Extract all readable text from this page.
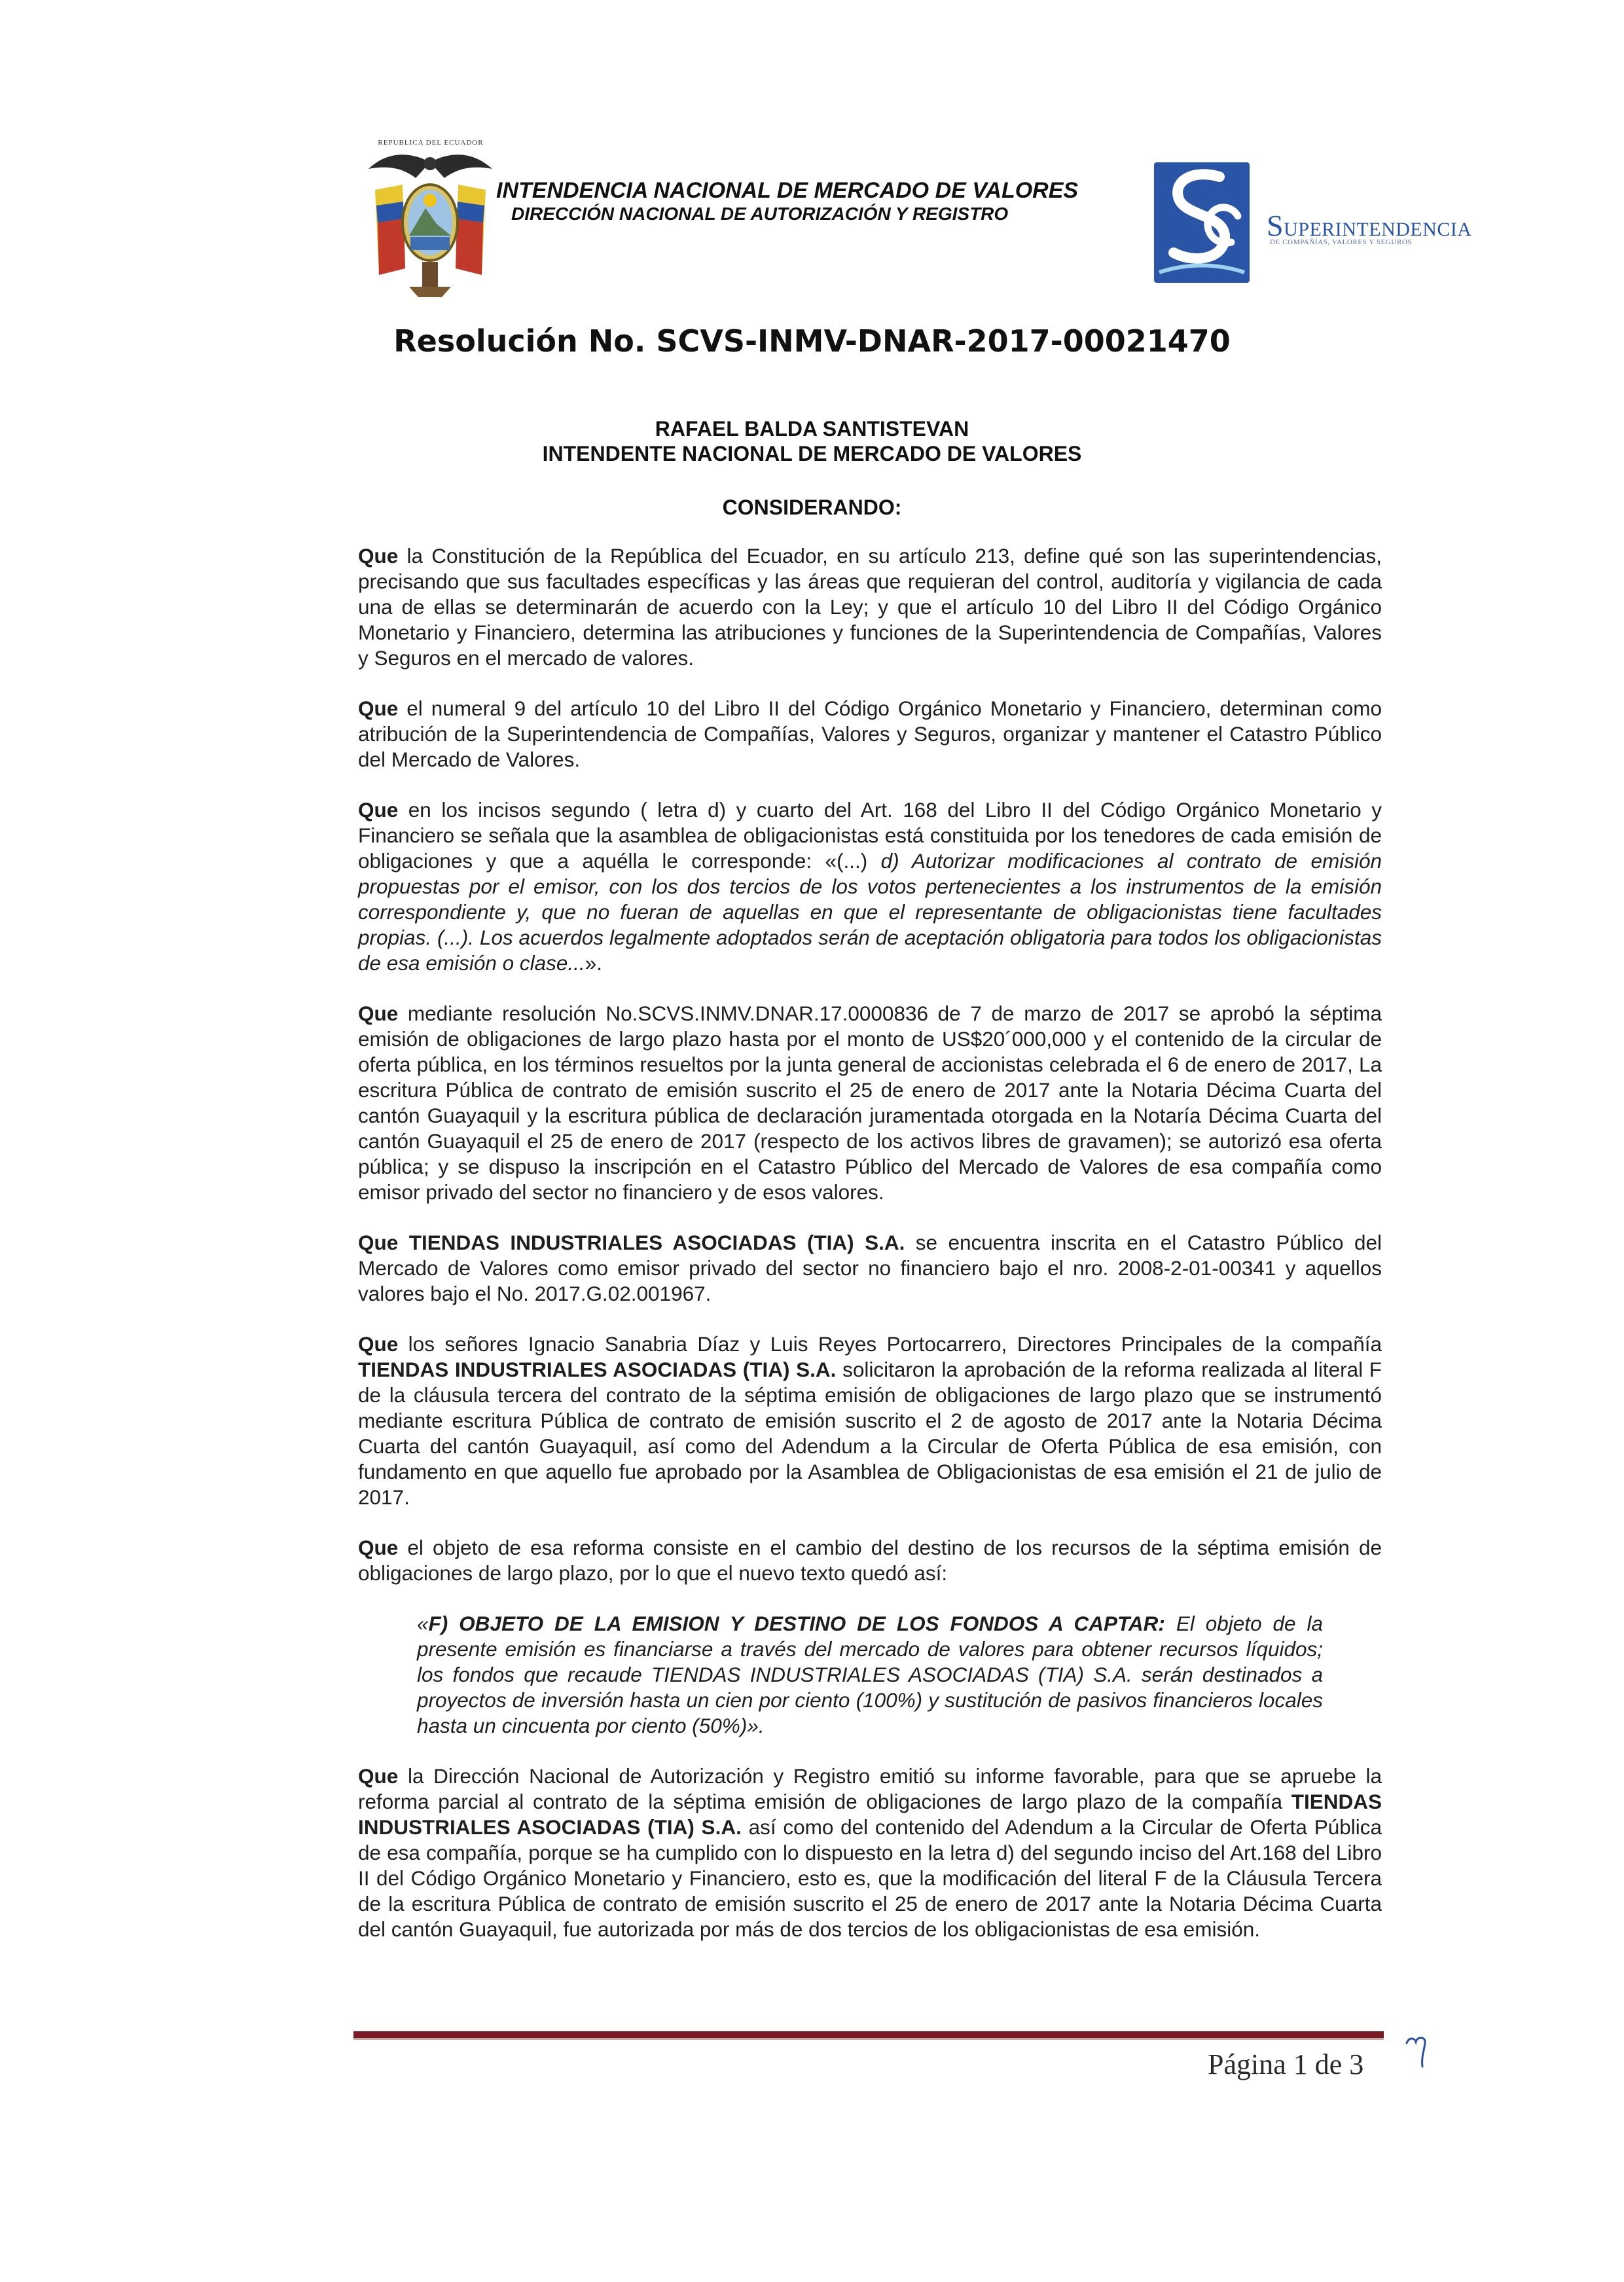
REPUBLICA DEL ECUADOR
INTENDENCIA NACIONAL DE MERCADO DE VALORES
DIRECCIÓN NACIONAL DE AUTORIZACIÓN Y REGISTRO	SUPERINTENDENCIA
DE COMPAÑÍAS, VALORES Y SEGUROS
Resolución No. SCVS-INMV-DNAR-2017-00021470
RAFAEL BALDA SANTISTEVAN
INTENDENTE NACIONAL DE MERCADO DE VALORES
CONSIDERANDO:

Que la Constitución de la República del Ecuador, en su artículo 213, define qué son las superintendencias, precisando que sus facultades específicas y las áreas que requieran del control, auditoría y vigilancia de cada una de ellas se determinarán de acuerdo con la Ley; y que el artículo 10 del Libro II del Código Orgánico Monetario y Financiero, determina las atribuciones y funciones de la Superintendencia de Compañías, Valores y Seguros en el mercado de valores.

Que el numeral 9 del artículo 10 del Libro II del Código Orgánico Monetario y Financiero, determinan como atribución de la Superintendencia de Compañías, Valores y Seguros, organizar y mantener el Catastro Público del Mercado de Valores.

Que en los incisos segundo ( letra d) y cuarto del Art. 168 del Libro II del Código Orgánico Monetario y Financiero se señala que la asamblea de obligacionistas está constituida por los tenedores de cada emisión de obligaciones y que a aquélla le corresponde: «(...) d) Autorizar modificaciones al contrato de emisión propuestas por el emisor, con los dos tercios de los votos pertenecientes a los instrumentos de la emisión correspondiente y, que no fueran de aquellas en que el representante de obligacionistas tiene facultades propias. (...). Los acuerdos legalmente adoptados serán de aceptación obligatoria para todos los obligacionistas de esa emisión o clase...».

Que mediante resolución No.SCVS.INMV.DNAR.17.0000836 de 7 de marzo de 2017 se aprobó la séptima emisión de obligaciones de largo plazo hasta por el monto de US$20´000,000 y el contenido de la circular de oferta pública, en los términos resueltos por la junta general de accionistas celebrada el 6 de enero de 2017, La escritura Pública de contrato de emisión suscrito el 25 de enero de 2017 ante la Notaria Décima Cuarta del cantón Guayaquil y la escritura pública de declaración juramentada otorgada en la Notaría Décima Cuarta del cantón Guayaquil el 25 de enero de 2017 (respecto de los activos libres de gravamen); se autorizó esa oferta pública; y se dispuso la inscripción en el Catastro Público del Mercado de Valores de esa compañía como emisor privado del sector no financiero y de esos valores.

Que TIENDAS INDUSTRIALES ASOCIADAS (TIA) S.A. se encuentra inscrita en el Catastro Público del Mercado de Valores como emisor privado del sector no financiero bajo el nro. 2008-2-01-00341 y aquellos valores bajo el No. 2017.G.02.001967.

Que los señores Ignacio Sanabria Díaz y Luis Reyes Portocarrero, Directores Principales de la compañía TIENDAS INDUSTRIALES ASOCIADAS (TIA) S.A. solicitaron la aprobación de la reforma realizada al literal F de la cláusula tercera del contrato de la séptima emisión de obligaciones de largo plazo que se instrumentó mediante escritura Pública de contrato de emisión suscrito el 2 de agosto de 2017 ante la Notaria Décima Cuarta del cantón Guayaquil, así como del Adendum a la Circular de Oferta Pública de esa emisión, con fundamento en que aquello fue aprobado por la Asamblea de Obligacionistas de esa emisión el 21 de julio de 2017.

Que el objeto de esa reforma consiste en el cambio del destino de los recursos de la séptima emisión de obligaciones de largo plazo, por lo que el nuevo texto quedó así:

«F) OBJETO DE LA EMISION Y DESTINO DE LOS FONDOS A CAPTAR: El objeto de la presente emisión es financiarse a través del mercado de valores para obtener recursos líquidos; los fondos que recaude TIENDAS INDUSTRIALES ASOCIADAS (TIA) S.A. serán destinados a proyectos de inversión hasta un cien por ciento (100%) y sustitución de pasivos financieros locales hasta un cincuenta por ciento (50%)».

Que la Dirección Nacional de Autorización y Registro emitió su informe favorable, para que se apruebe la reforma parcial al contrato de la séptima emisión de obligaciones de largo plazo de la compañía TIENDAS INDUSTRIALES ASOCIADAS (TIA) S.A. así como del contenido del Adendum a la Circular de Oferta Pública de esa compañía, porque se ha cumplido con lo dispuesto en la letra d) del segundo inciso del Art.168 del Libro II del Código Orgánico Monetario y Financiero, esto es, que la modificación del literal F de la Cláusula Tercera de la escritura Pública de contrato de emisión suscrito el 25 de enero de 2017 ante la Notaria Décima Cuarta del cantón Guayaquil, fue autorizada por más de dos tercios de los obligacionistas de esa emisión.

Página 1 de 3
